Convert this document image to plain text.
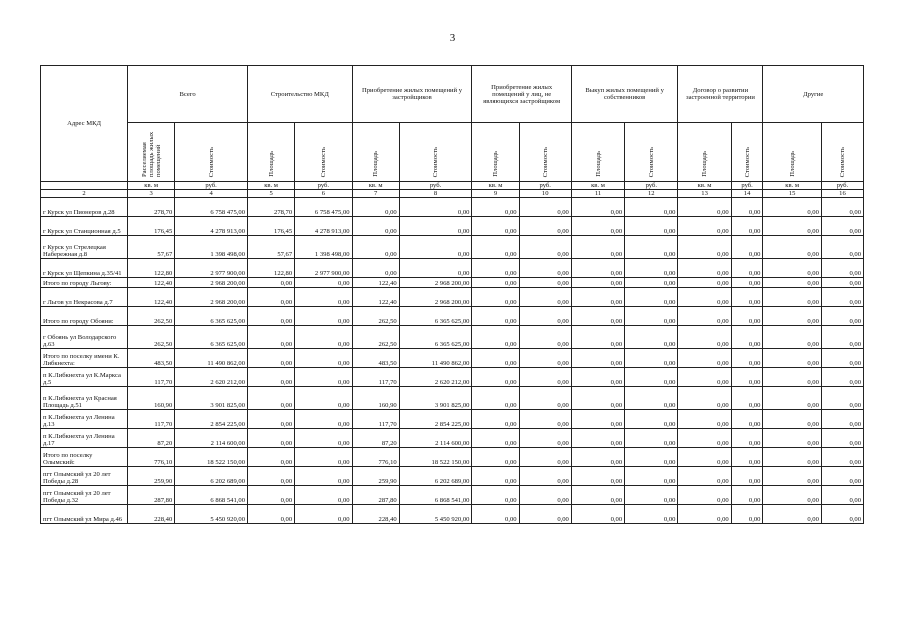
3
Адрес МКД	Всего		Строительство МКД		Приобретение жилых помещений у застройщиков		Приобретение жилых помещений у лиц, не являющихся застройщиком		Выкуп жилых помещений у собственников		Договор о развитии застроенной территории		Другие	

	Расселяемая площадь жилых помещений	Стоимость	Площадь	Стоимость	Площадь	Стоимость	Площадь	Стоимость	Площадь	Стоимость	Площадь	Стоимость	Площадь	Стоимость

	кв. м	руб.	кв. м	руб.	кв. м	руб.	кв. м	руб.	кв. м	руб.	кв. м	руб.	кв. м	руб.
2	3	4	5	6	7	8	9	10	11	12	13	14	15	16
г Курск ул Пионеров д.28	278,70	6 758 475,00	278,70	6 758 475,00	0,00	0,00	0,00	0,00	0,00	0,00	0,00	0,00	0,00	0,00
г Курск ул Станционная д.5	176,45	4 278 913,00	176,45	4 278 913,00	0,00	0,00	0,00	0,00	0,00	0,00	0,00	0,00	0,00	0,00
г Курск ул Стрелецкая Набережная д.8	57,67	1 398 498,00	57,67	1 398 498,00	0,00	0,00	0,00	0,00	0,00	0,00	0,00	0,00	0,00	0,00
г Курск ул Щепкина д.35/41	122,80	2 977 900,00	122,80	2 977 900,00	0,00	0,00	0,00	0,00	0,00	0,00	0,00	0,00	0,00	0,00
Итого по городу Льгову:	122,40	2 968 200,00	0,00	0,00	122,40	2 968 200,00	0,00	0,00	0,00	0,00	0,00	0,00	0,00	0,00
г Льгов ул Некрасова д.7	122,40	2 968 200,00	0,00	0,00	122,40	2 968 200,00	0,00	0,00	0,00	0,00	0,00	0,00	0,00	0,00
Итого по городу Обояни:	262,50	6 365 625,00	0,00	0,00	262,50	6 365 625,00	0,00	0,00	0,00	0,00	0,00	0,00	0,00	0,00
г Обоянь ул Володарского д.63	262,50	6 365 625,00	0,00	0,00	262,50	6 365 625,00	0,00	0,00	0,00	0,00	0,00	0,00	0,00	0,00
Итого по поселку имени К. Либкнехта:	483,50	11 490 862,00	0,00	0,00	483,50	11 490 862,00	0,00	0,00	0,00	0,00	0,00	0,00	0,00	0,00
п К.Либкнехта ул К.Маркса д.5	117,70	2 620 212,00	0,00	0,00	117,70	2 620 212,00	0,00	0,00	0,00	0,00	0,00	0,00	0,00	0,00
п К.Либкнехта ул Красная Площадь д.51	160,90	3 901 825,00	0,00	0,00	160,90	3 901 825,00	0,00	0,00	0,00	0,00	0,00	0,00	0,00	0,00
п К.Либкнехта ул Ленина д.13	117,70	2 854 225,00	0,00	0,00	117,70	2 854 225,00	0,00	0,00	0,00	0,00	0,00	0,00	0,00	0,00
п К.Либкнехта ул Ленина д.17	87,20	2 114 600,00	0,00	0,00	87,20	2 114 600,00	0,00	0,00	0,00	0,00	0,00	0,00	0,00	0,00
Итого по поселку Олымский:	776,10	18 522 150,00	0,00	0,00	776,10	18 522 150,00	0,00	0,00	0,00	0,00	0,00	0,00	0,00	0,00
пгт Олымский ул 20 лет Победы д.28	259,90	6 202 689,00	0,00	0,00	259,90	6 202 689,00	0,00	0,00	0,00	0,00	0,00	0,00	0,00	0,00
пгт Олымский ул 20 лет Победы д.32	287,80	6 868 541,00	0,00	0,00	287,80	6 868 541,00	0,00	0,00	0,00	0,00	0,00	0,00	0,00	0,00
пгт Олымский ул Мира д.46	228,40	5 450 920,00	0,00	0,00	228,40	5 450 920,00	0,00	0,00	0,00	0,00	0,00	0,00	0,00	0,00
